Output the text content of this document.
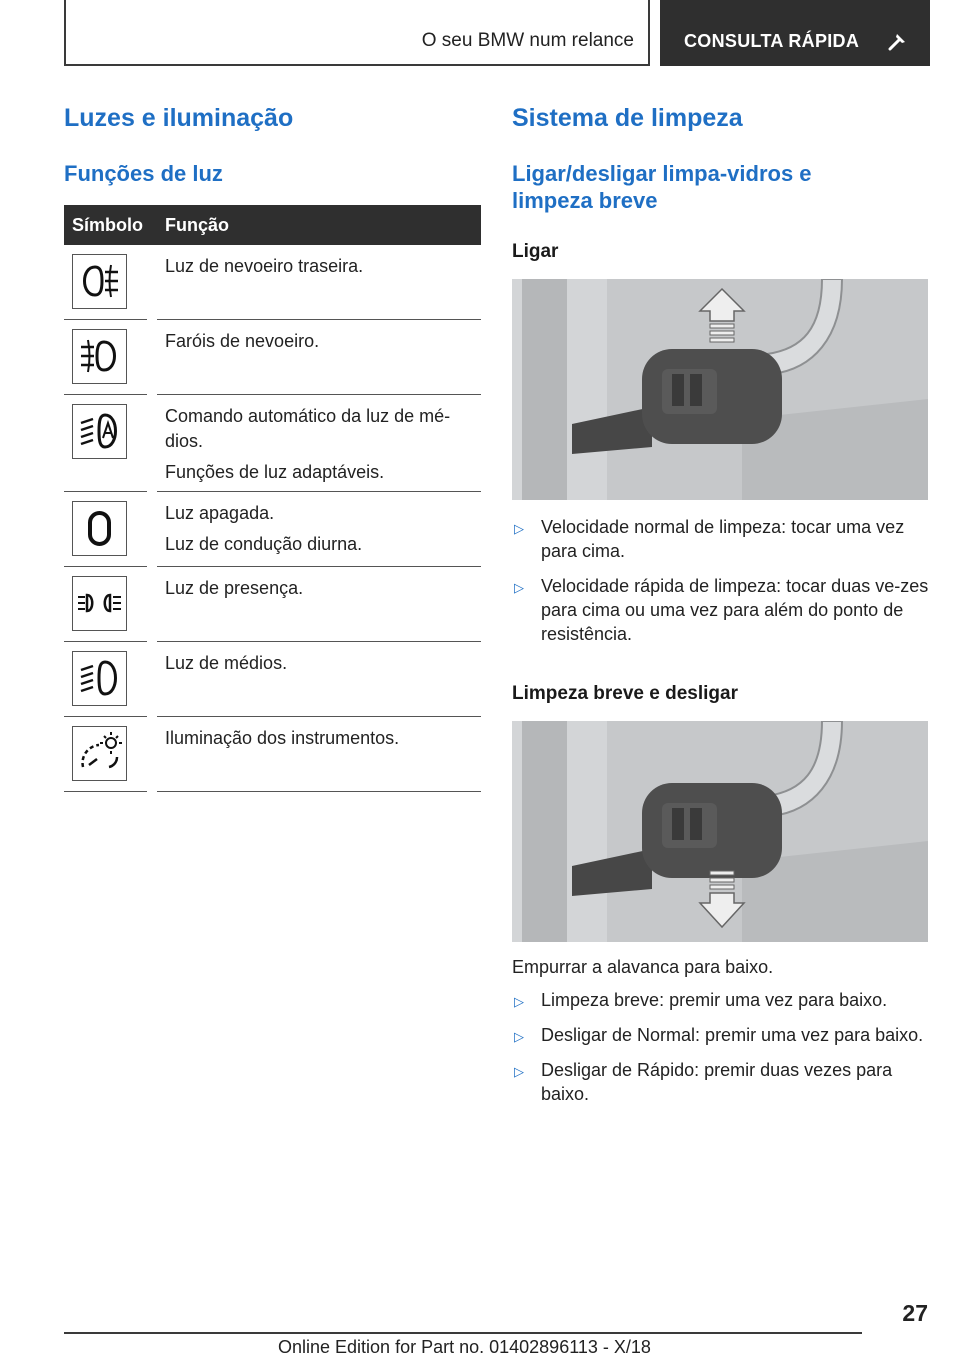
O seu BMW num relance	CONSULTA RÁPIDA
Luzes e iluminação
Funções de luz
Símbolo Função

Luz de nevoeiro traseira.

Faróis de nevoeiro.

Comando automático da luz de mé-dios.

Funções de luz adaptáveis.

Luz apagada.

Luz de condução diurna.

Luz de presença.

Luz de médios.

Iluminação dos instrumentos.

Sistema de limpeza
Ligar/desligar limpa-vidros e limpeza breve
Ligar
▷ Velocidade normal de limpeza: tocar uma vez para cima.
▷ Velocidade rápida de limpeza: tocar duas ve-zes para cima ou uma vez para além do ponto de resistência.
Limpeza breve e desligar
Empurrar a alavanca para baixo.
▷ Limpeza breve: premir uma vez para baixo.
▷ Desligar de Normal: premir uma vez para baixo.
▷ Desligar de Rápido: premir duas vezes para baixo.
27
Online Edition for Part no. 01402896113 - X/18
